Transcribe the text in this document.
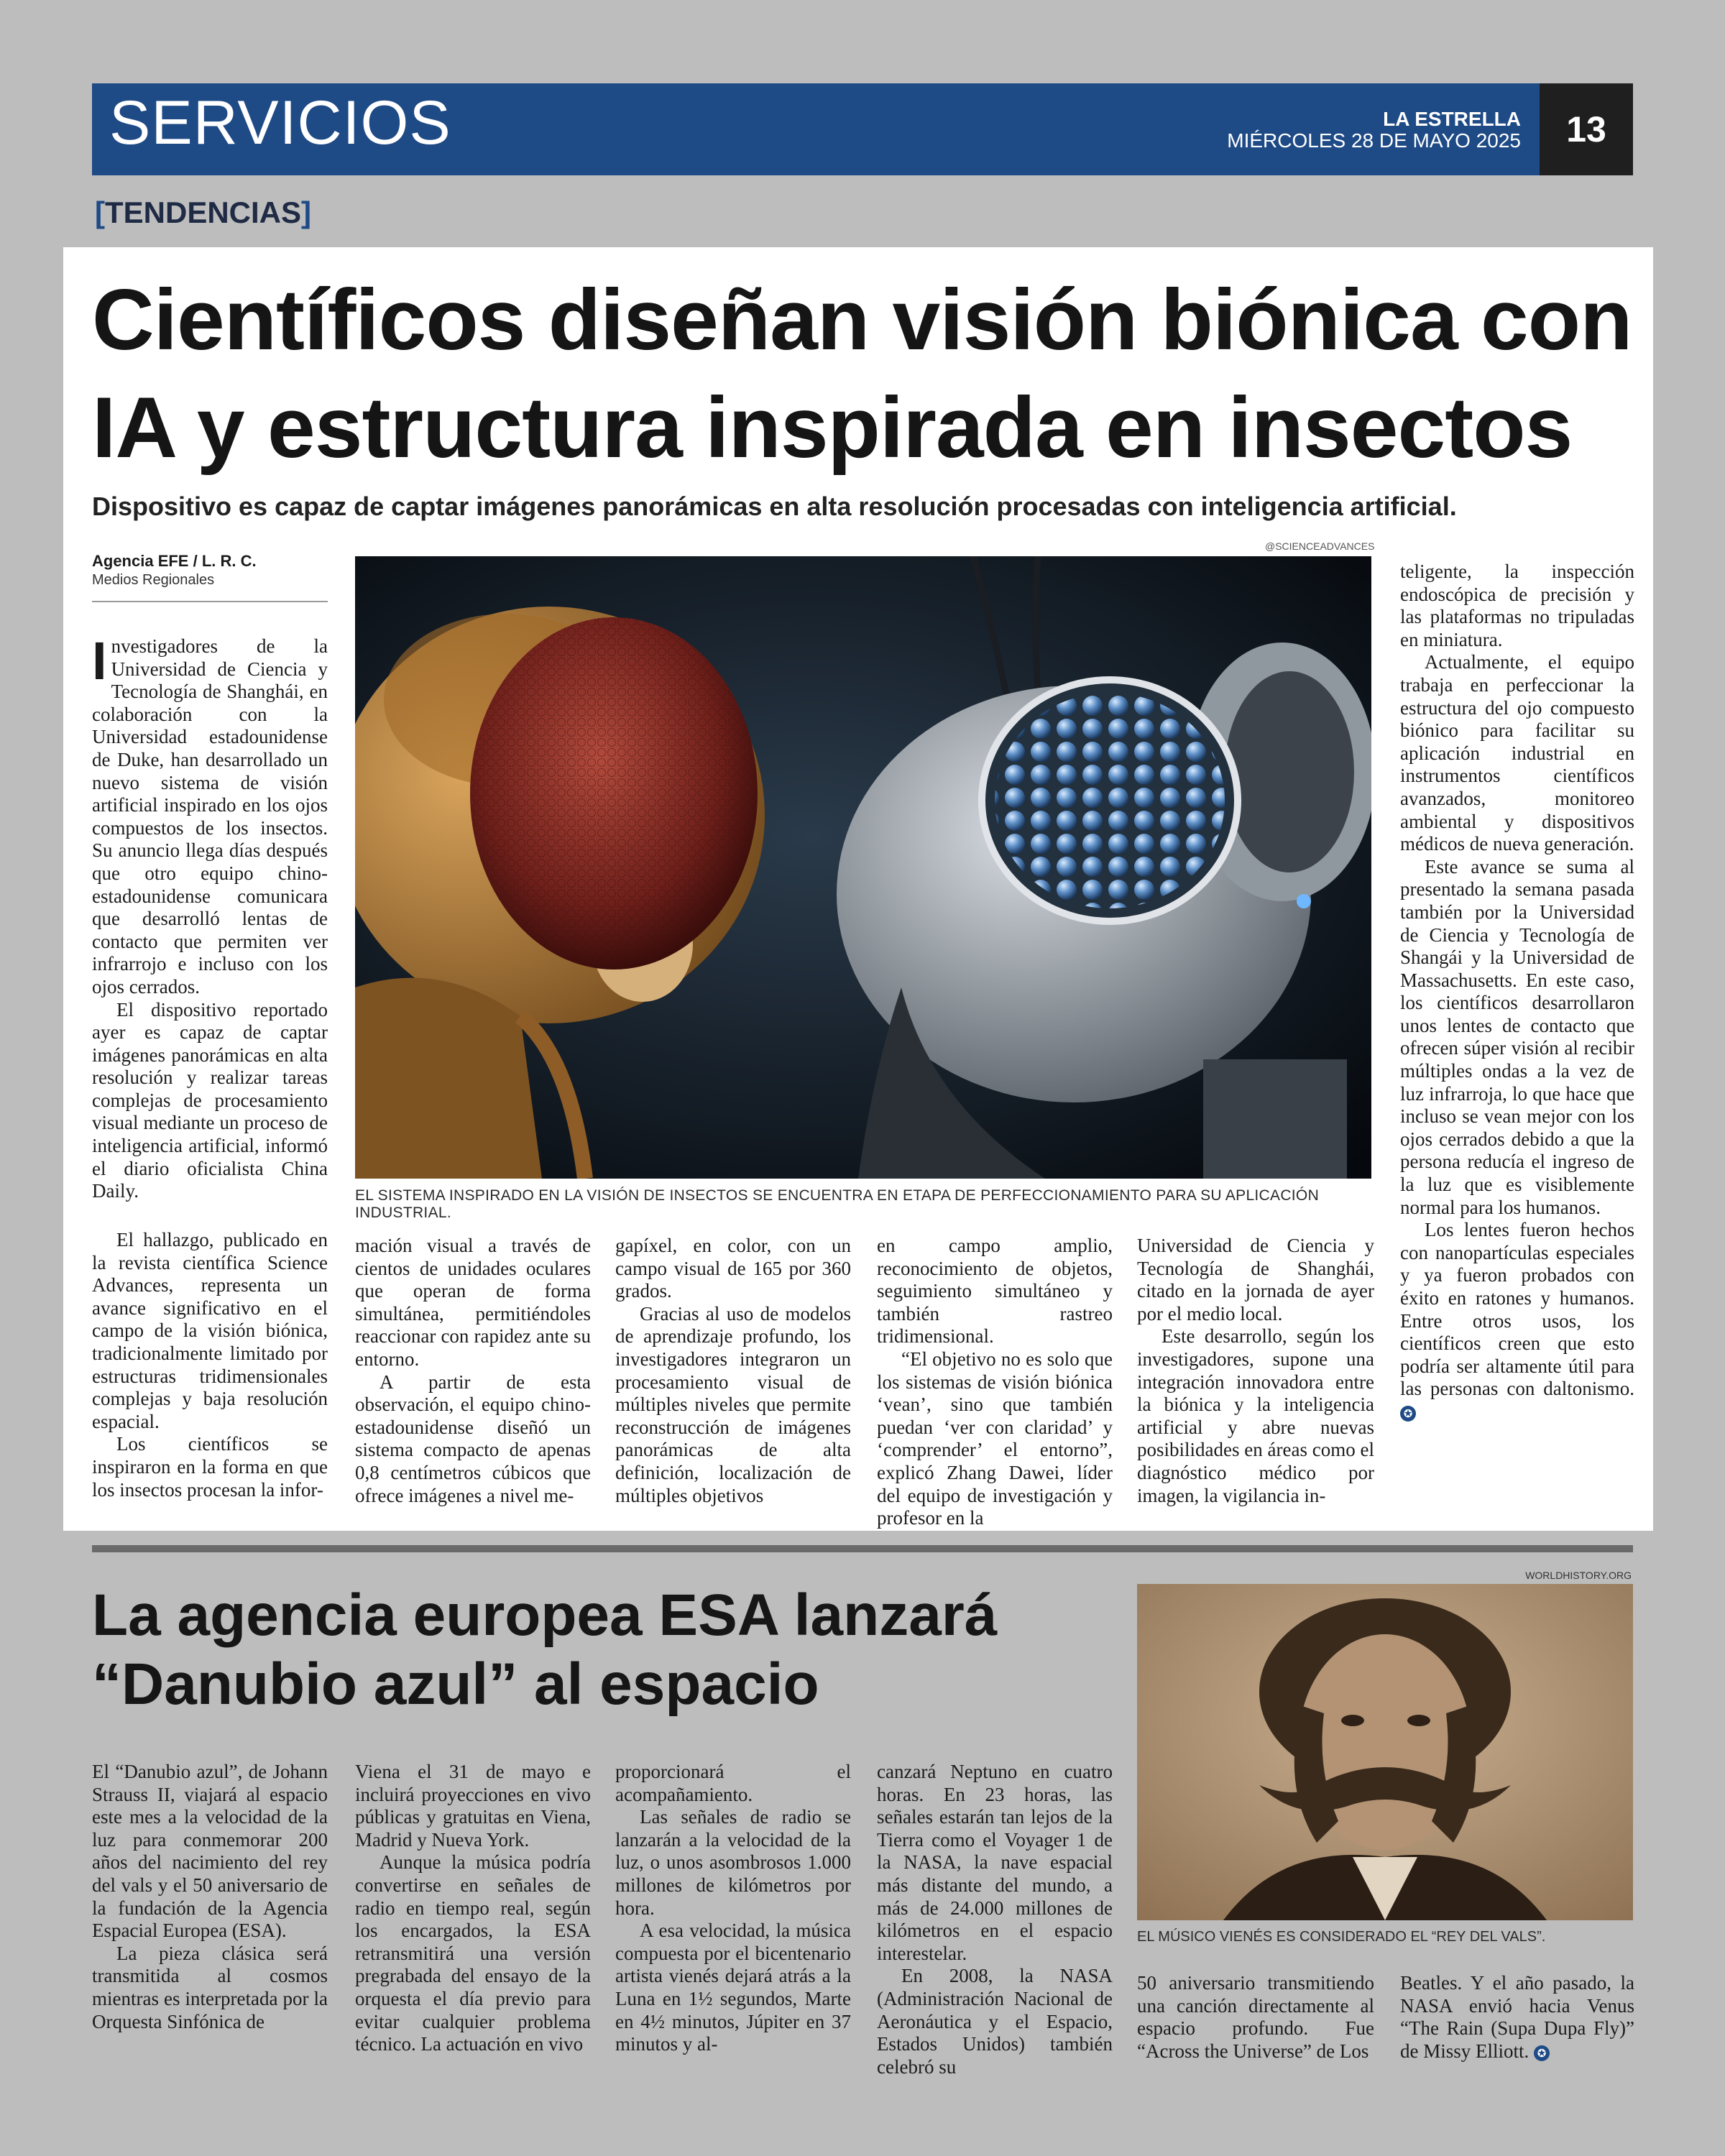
SERVICIOS	LA ESTRELLA
MIÉRCOLES 28 DE MAYO 2025	13
[TENDENCIAS]
Científicos diseñan visión biónica con IA y estructura inspirada en insectos
Dispositivo es capaz de captar imágenes panorámicas en alta resolución procesadas con inteligencia artificial.
Agencia EFE / L. R. C.
Medios Regionales
@SCIENCEADVANCES
EL SISTEMA INSPIRADO EN LA VISIÓN DE INSECTOS SE ENCUENTRA EN ETAPA DE PERFECCIONAMIENTO PARA SU APLICACIÓN INDUSTRIAL.

Investigadores de la Universidad de Ciencia y Tecnología de Shanghái, en colaboración con la Universidad estadounidense de Duke, han desarrollado un nuevo sistema de visión artificial inspirado en los ojos compuestos de los insectos. Su anuncio llega días después que otro equipo chino-estadounidense comunicara que desarrolló lentas de contacto que permiten ver infrarrojo e incluso con los ojos cerrados.

El dispositivo reportado ayer es capaz de captar imágenes panorámicas en alta resolución y realizar tareas complejas de procesamiento visual mediante un proceso de inteligencia artificial, informó el diario oficialista China Daily.

El hallazgo, publicado en la revista científica Science Advances, representa un avance significativo en el campo de la visión biónica, tradicionalmente limitado por estructuras tridimensionales complejas y baja resolución espacial.

Los científicos se inspiraron en la forma en que los insectos procesan la infor-

mación visual a través de cientos de unidades oculares que operan de forma simultánea, permitiéndoles reaccionar con rapidez ante su entorno.

A partir de esta observación, el equipo chino-estadounidense diseñó un sistema compacto de apenas 0,8 centímetros cúbicos que ofrece imágenes a nivel me-

gapíxel, en color, con un campo visual de 165 por 360 grados.

Gracias al uso de modelos de aprendizaje profundo, los investigadores integraron un procesamiento visual de múltiples niveles que permite reconstrucción de imágenes panorámicas de alta definición, localización de múltiples objetivos

en campo amplio, reconocimiento de objetos, seguimiento simultáneo y también rastreo tridimensional.

“El objetivo no es solo que los sistemas de visión biónica ‘vean’, sino que también puedan ‘ver con claridad’ y ‘comprender’ el entorno”, explicó Zhang Dawei, líder del equipo de investigación y profesor en la

Universidad de Ciencia y Tecnología de Shanghái, citado en la jornada de ayer por el medio local.

Este desarrollo, según los investigadores, supone una integración innovadora entre la biónica y la inteligencia artificial y abre nuevas posibilidades en áreas como el diagnóstico médico por imagen, la vigilancia in-

teligente, la inspección endoscópica de precisión y las plataformas no tripuladas en miniatura.

Actualmente, el equipo trabaja en perfeccionar la estructura del ojo compuesto biónico para facilitar su aplicación industrial en instrumentos científicos avanzados, monitoreo ambiental y dispositivos médicos de nueva generación.

Este avance se suma al presentado la semana pasada también por la Universidad de Ciencia y Tecnología de Shangái y la Universidad de Massachusetts. En este caso, los científicos desarrollaron unos lentes de contacto que ofrecen súper visión al recibir múltiples ondas a la vez de luz infrarroja, lo que hace que incluso se vean mejor con los ojos cerrados debido a que la persona reducía el ingreso de la luz que es visiblemente normal para los humanos.

Los lentes fueron hechos con nanopartículas especiales y ya fueron probados con éxito en ratones y humanos. Entre otros usos, los científicos creen que esto podría ser altamente útil para las personas con daltonismo. ✪

La agencia europea ESA lanzará “Danubio azul” al espacio
WORLDHISTORY.ORG
EL MÚSICO VIENÉS ES CONSIDERADO EL “REY DEL VALS”.

El “Danubio azul”, de Johann Strauss II, viajará al espacio este mes a la velocidad de la luz para conmemorar 200 años del nacimiento del rey del vals y el 50 aniversario de la fundación de la Agencia Espacial Europea (ESA).

La pieza clásica será transmitida al cosmos mientras es interpretada por la Orquesta Sinfónica de

Viena el 31 de mayo e incluirá proyecciones en vivo públicas y gratuitas en Viena, Madrid y Nueva York.

Aunque la música podría convertirse en señales de radio en tiempo real, según los encargados, la ESA retransmitirá una versión pregrabada del ensayo de la orquesta el día previo para evitar cualquier problema técnico. La actuación en vivo

proporcionará el acompañamiento.

Las señales de radio se lanzarán a la velocidad de la luz, o unos asombrosos 1.000 millones de kilómetros por hora.

A esa velocidad, la música compuesta por el bicentenario artista vienés dejará atrás a la Luna en 1½ segundos, Marte en 4½ minutos, Júpiter en 37 minutos y al-

canzará Neptuno en cuatro horas. En 23 horas, las señales estarán tan lejos de la Tierra como el Voyager 1 de la NASA, la nave espacial más distante del mundo, a más de 24.000 millones de kilómetros en el espacio interestelar.

En 2008, la NASA (Administración Nacional de Aeronáutica y el Espacio, Estados Unidos) también celebró su

50 aniversario transmitiendo una canción directamente al espacio profundo. Fue “Across the Universe” de Los

Beatles. Y el año pasado, la NASA envió hacia Venus “The Rain (Supa Dupa Fly)” de Missy Elliott. ✪
